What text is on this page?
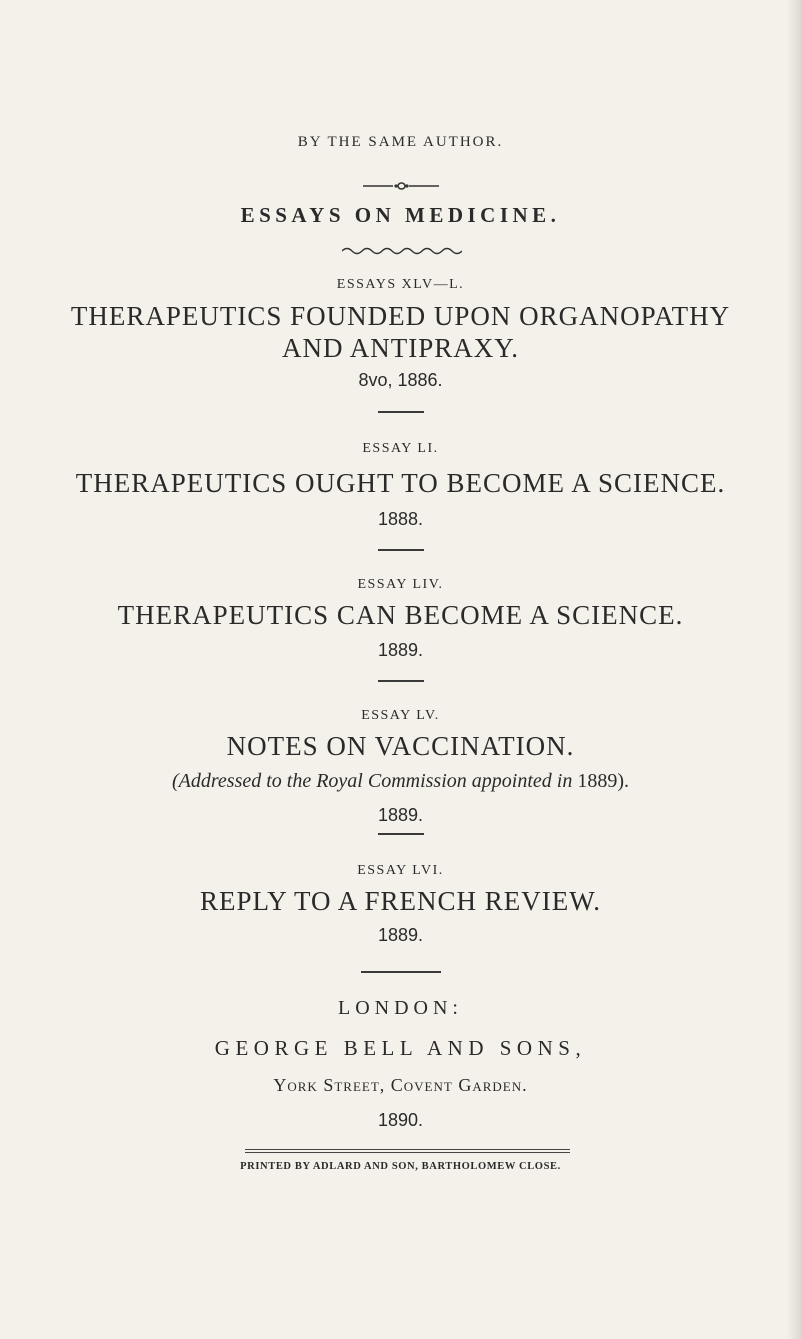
BY THE SAME AUTHOR.
ESSAYS ON MEDICINE.
ESSAYS XLV—L.
THERAPEUTICS FOUNDED UPON ORGANOPATHY
AND ANTIPRAXY.
8vo, 1886.
ESSAY LI.
THERAPEUTICS OUGHT TO BECOME A SCIENCE.
1888.
ESSAY LIV.
THERAPEUTICS CAN BECOME A SCIENCE.
1889.
ESSAY LV.
NOTES ON VACCINATION.
(Addressed to the Royal Commission appointed in 1889).
1889.
ESSAY LVI.
REPLY TO A FRENCH REVIEW.
1889.
LONDON:
GEORGE BELL AND SONS,
York Street, Covent Garden.
1890.
PRINTED BY ADLARD AND SON, BARTHOLOMEW CLOSE.
